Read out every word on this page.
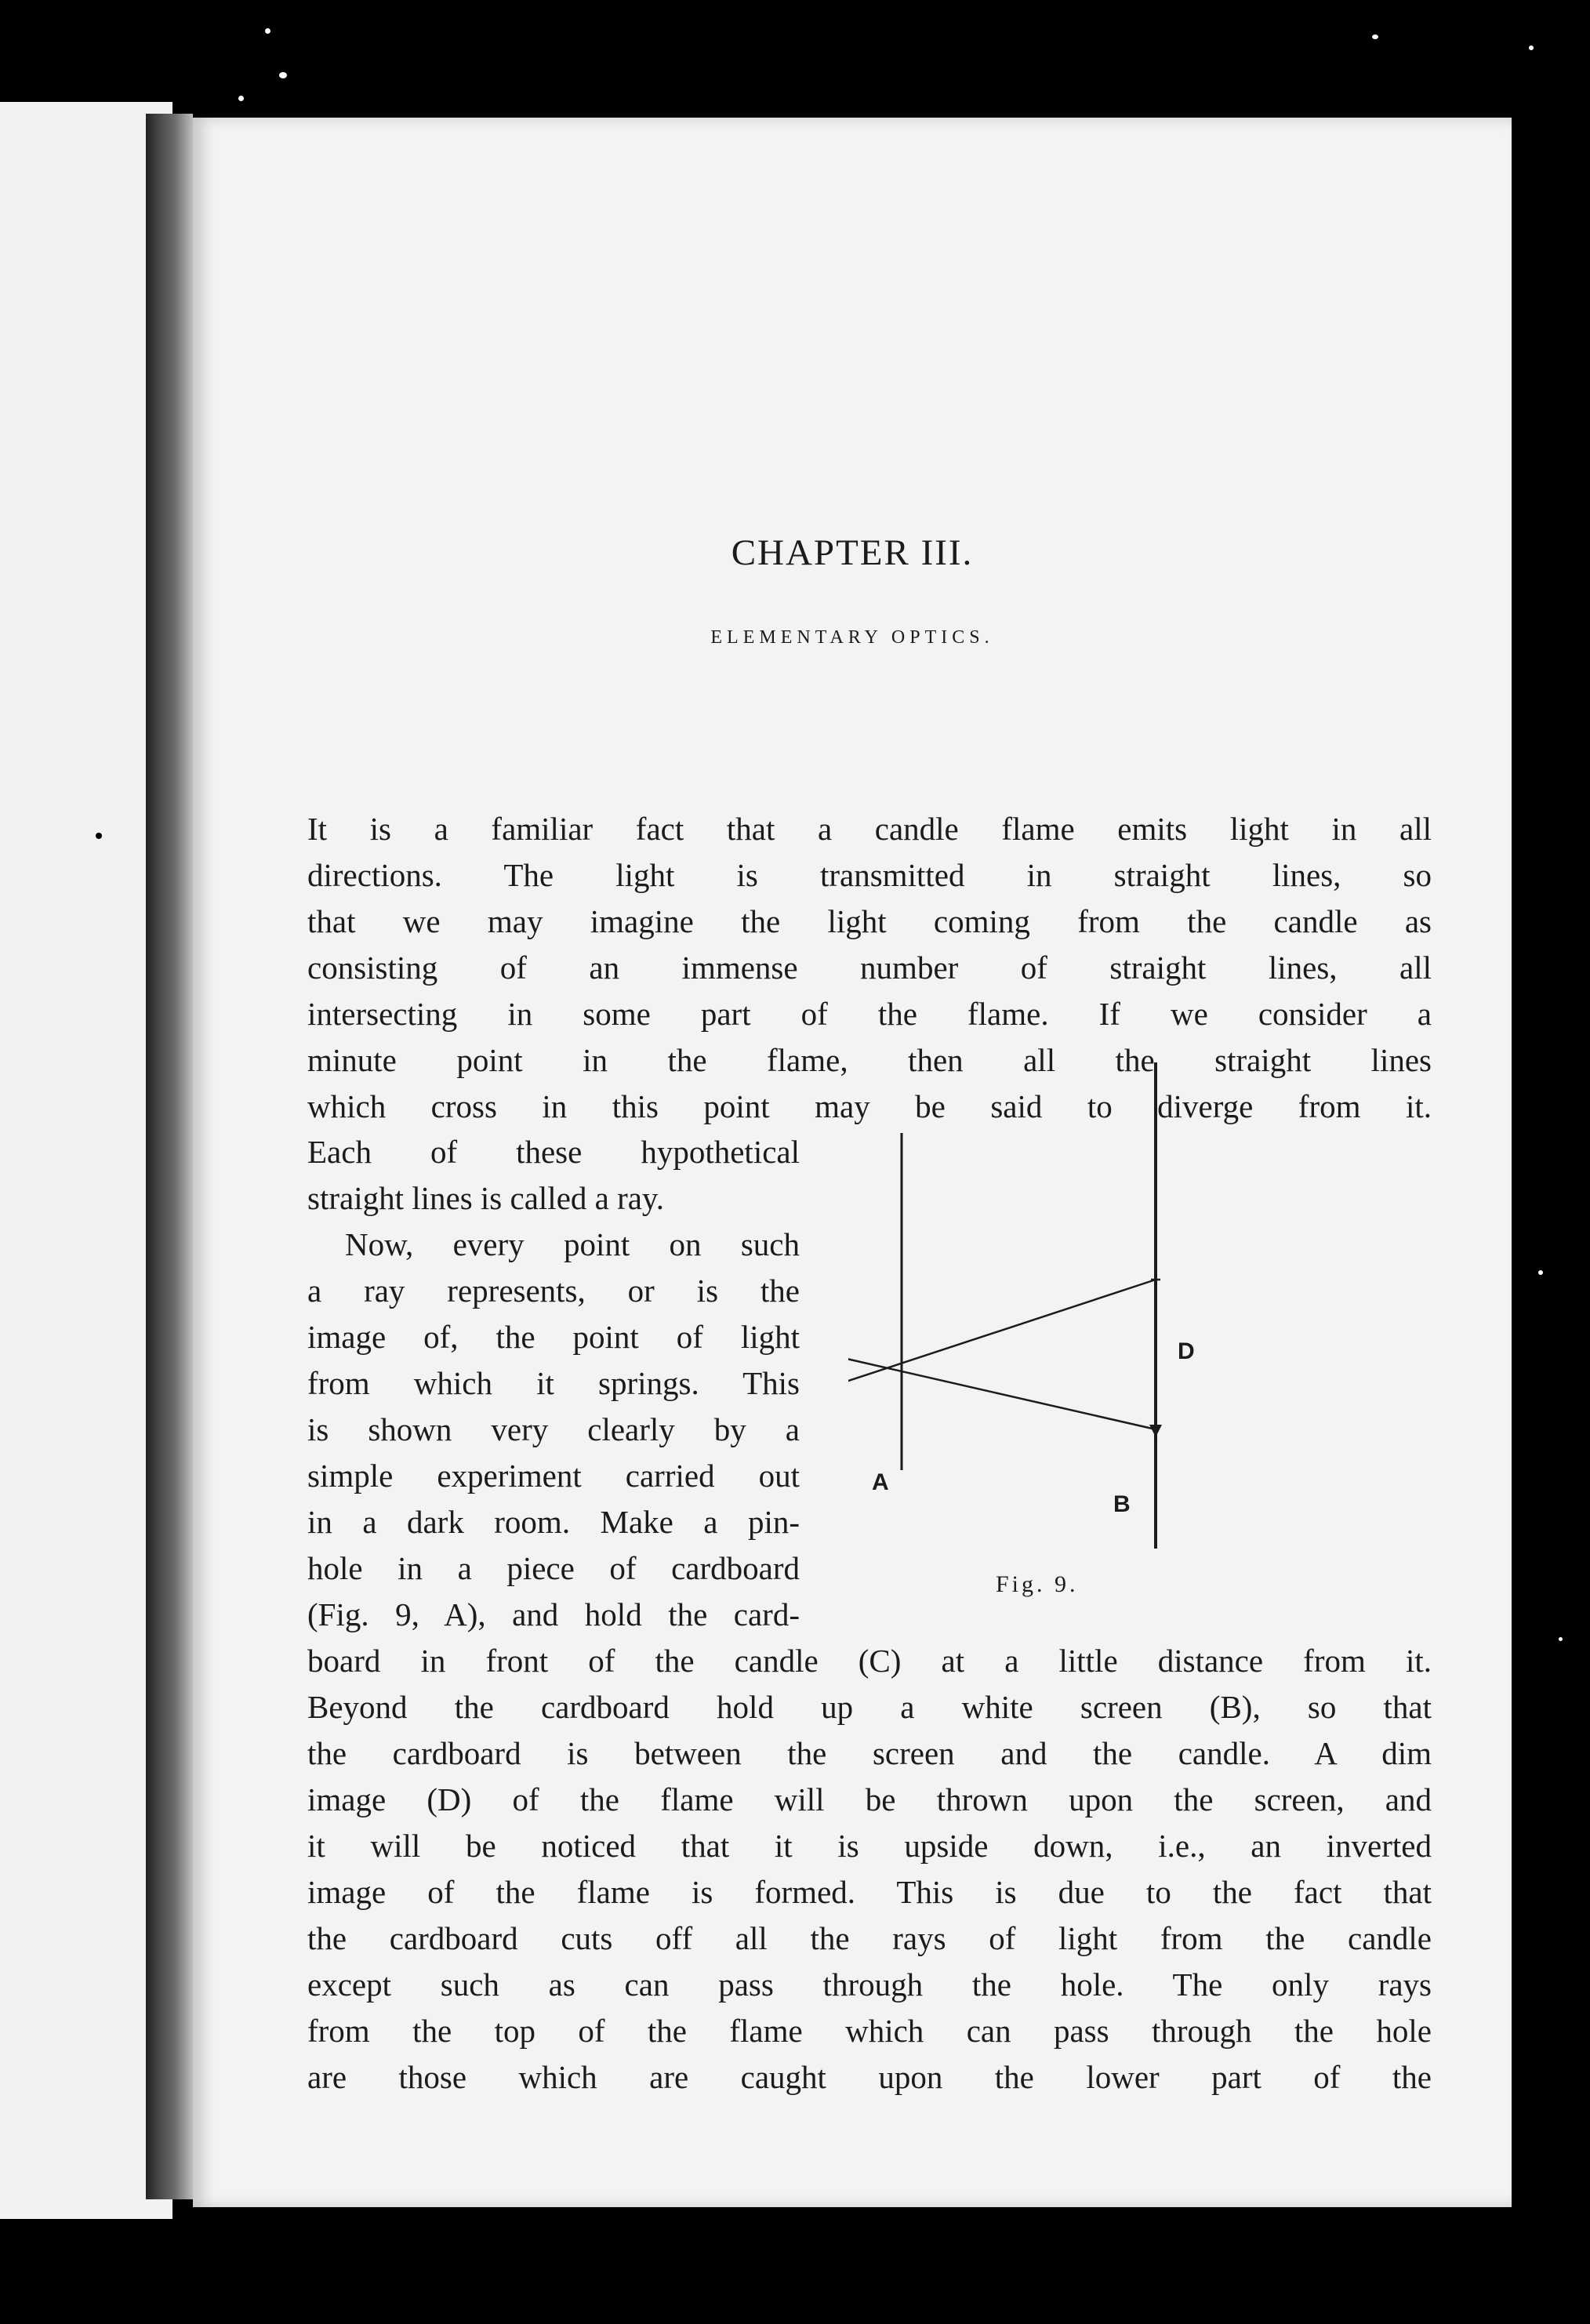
CHAPTER III.
ELEMENTARY OPTICS.
It is a familiar fact that a candle flame emits light in all
directions. The light is transmitted in straight lines, so
that we may imagine the light coming from the candle as
consisting of an immense number of straight lines, all
intersecting in some part of the flame. If we consider a
minute point in the flame, then all the straight lines
which cross in this point may be said to diverge from it.
Each of these hypothetical
straight lines is called a ray.
Now, every point on such
a ray represents, or is the
image of, the point of light
from which it springs. This
is shown very clearly by a
simple experiment carried out
in a dark room. Make a pin-
hole in a piece of cardboard
(Fig. 9, A), and hold the card-
board in front of the candle (C) at a little distance from it.
Beyond the cardboard hold up a white screen (B), so that
the cardboard is between the screen and the candle. A dim
image (D) of the flame will be thrown upon the screen, and
it will be noticed that it is upside down, i.e., an inverted
image of the flame is formed. This is due to the fact that
the cardboard cuts off all the rays of light from the candle
except such as can pass through the hole. The only rays
from the top of the flame which can pass through the hole
are those which are caught upon the lower part of the
A
B
D
Fig. 9.
